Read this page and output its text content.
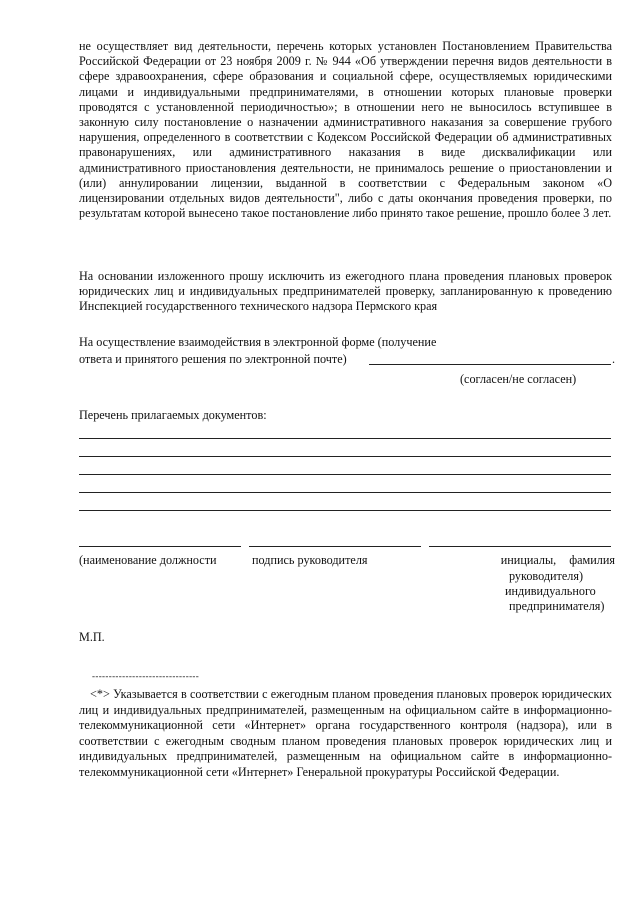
не осуществляет вид деятельности, перечень которых установлен Постановлением Правительства Российской Федерации от 23 ноября 2009 г. № 944 «Об утверждении перечня видов деятельности в сфере здравоохранения, сфере образования и социальной сфере, осуществляемых юридическими лицами и индивидуальными предпринимателями, в отношении которых плановые проверки проводятся с установленной периодичностью»; в отношении него не выносилось вступившее в законную силу постановление о назначении административного наказания за совершение грубого нарушения, определенного в соответствии с Кодексом Российской Федерации об административных правонарушениях, или административного наказания в виде дисквалификации или административного приостановления деятельности, не принималось решение о приостановлении и (или) аннулировании лицензии, выданной в соответствии с Федеральным законом «О лицензировании отдельных видов деятельности", либо с даты окончания проведения проверки, по результатам которой вынесено такое постановление либо принято такое решение, прошло более 3 лет.

На основании изложенного прошу исключить из ежегодного плана проведения плановых проверок юридических лиц и индивидуальных предпринимателей проверку, запланированную к проведению Инспекцией государственного технического надзора Пермского края

На осуществление взаимодействия в электронной форме (получение
ответа и принятого решения по электронной почте)	.
(согласен/не согласен)
Перечень прилагаемых документов:
(наименование должности	подпись руководителя	инициалы, фамилия
руководителя)
индивидуального
предпринимателя)
М.П.
--------------------------------

<*> Указывается в соответствии с ежегодным планом проведения плановых проверок юридических лиц и индивидуальных предпринимателей, размещенным на официальном сайте в информационно-телекоммуникационной сети «Интернет» органа государственного контроля (надзора), или в соответствии с ежегодным сводным планом проведения плановых проверок юридических лиц и индивидуальных предпринимателей, размещенным на официальном сайте в информационно-телекоммуникационной сети «Интернет» Генеральной прокуратуры Российской Федерации.
